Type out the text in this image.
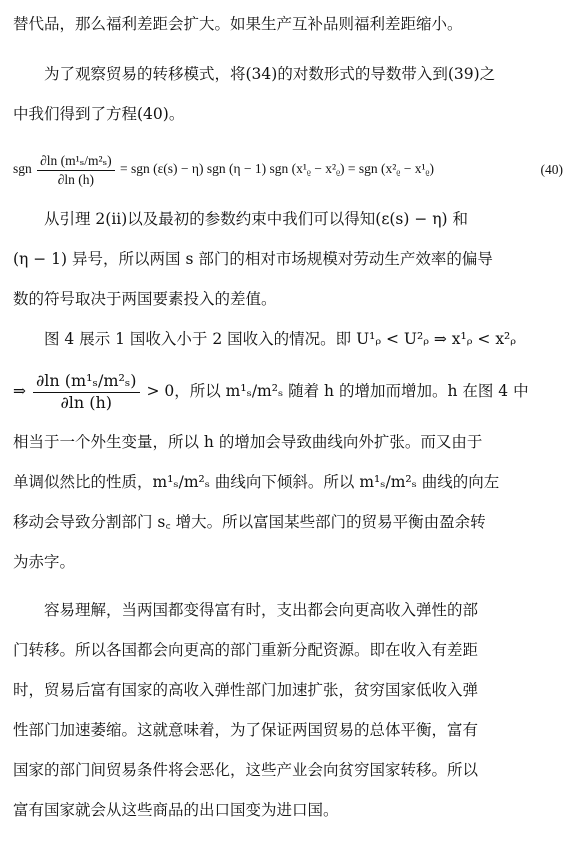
替代品，那么福利差距会扩大。如果生产互补品则福利差距缩小。
为了观察贸易的转移模式，将(34)的对数形式的导数带入到(39)之
中我们得到了方程(40)。
sgn $\frac{\text{∂ln (m¹ₛ/m²ₛ)}}{\partial\ln (h)}$ = sgn (ε(s) − η) sgn (η − 1) sgn (x¹ᵨ − x²ᵨ) = sgn (x²ᵨ − x¹ᵨ)	(40)
从引理 2(ii)以及最初的参数约束中我们可以得知(ε(s) − η) 和
(η − 1) 异号，所以两国 s 部门的相对市场规模对劳动生产效率的偏导
数的符号取决于两国要素投入的差值。
图 4 展示 1 国收入小于 2 国收入的情况。即 U¹ᵨ < U²ᵨ ⇒ x¹ᵨ < x²ᵨ
⇒ $\frac{\text{∂ln (m¹ₛ/m²ₛ)}}{\partial\ln (h)} > 0$，所以 m¹ₛ/m²ₛ 随着 h 的增加而增加。h 在图 4 中
相当于一个外生变量，所以 h 的增加会导致曲线向外扩张。而又由于
单调似然比的性质，m¹ₛ/m²ₛ 曲线向下倾斜。所以 m¹ₛ/m²ₛ 曲线的向左
移动会导致分割部门 s꜀ 增大。所以富国某些部门的贸易平衡由盈余转
为赤字。
容易理解，当两国都变得富有时，支出都会向更高收入弹性的部
门转移。所以各国都会向更高的部门重新分配资源。即在收入有差距
时，贸易后富有国家的高收入弹性部门加速扩张，贫穷国家低收入弹
性部门加速萎缩。这就意味着，为了保证两国贸易的总体平衡，富有
国家的部门间贸易条件将会恶化，这些产业会向贫穷国家转移。所以
富有国家就会从这些商品的出口国变为进口国。
